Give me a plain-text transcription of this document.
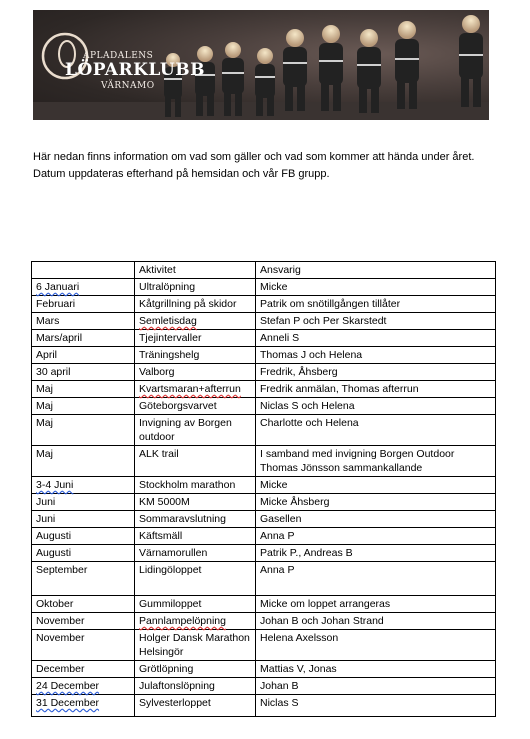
APLADALENS
LÖPARKLUBB
VÄRNAMO

Här nedan finns information om vad som gäller och vad som kommer att hända under året.

Datum uppdateras efterhand på hemsidan och vår FB grupp.

	Aktivitet	Ansvarig
6 Januari	Ultralöpning	Micke
Februari	Kåtgrillning på skidor	Patrik om snötillgången tillåter
Mars	Semletisdag	Stefan P och Per Skarstedt
Mars/april	Tjejintervaller	Anneli S
April	Träningshelg	Thomas J och Helena
30 april	Valborg	Fredrik, Åhsberg
Maj	Kvartsmaran+afterrun	Fredrik anmälan, Thomas afterrun
Maj	Göteborgsvarvet	Niclas S och Helena
Maj	Invigning av Borgen outdoor	Charlotte och Helena
Maj	ALK trail	I samband med invigning Borgen Outdoor Thomas Jönsson sammankallande
3-4 Juni	Stockholm marathon	Micke
Juni	KM 5000M	Micke Åhsberg
Juni	Sommaravslutning	Gasellen
Augusti	Käftsmäll	Anna P
Augusti	Värnamorullen	Patrik P., Andreas B
September	Lidingöloppet	Anna P
Oktober	Gummiloppet	Micke om loppet arrangeras
November	Pannlampelöpning	Johan B och Johan Strand
November	Holger Dansk Marathon Helsingör	Helena Axelsson
December	Grötlöpning	Mattias V, Jonas
24 December	Julaftonslöpning	Johan B
31 December	Sylvesterloppet	Niclas S
